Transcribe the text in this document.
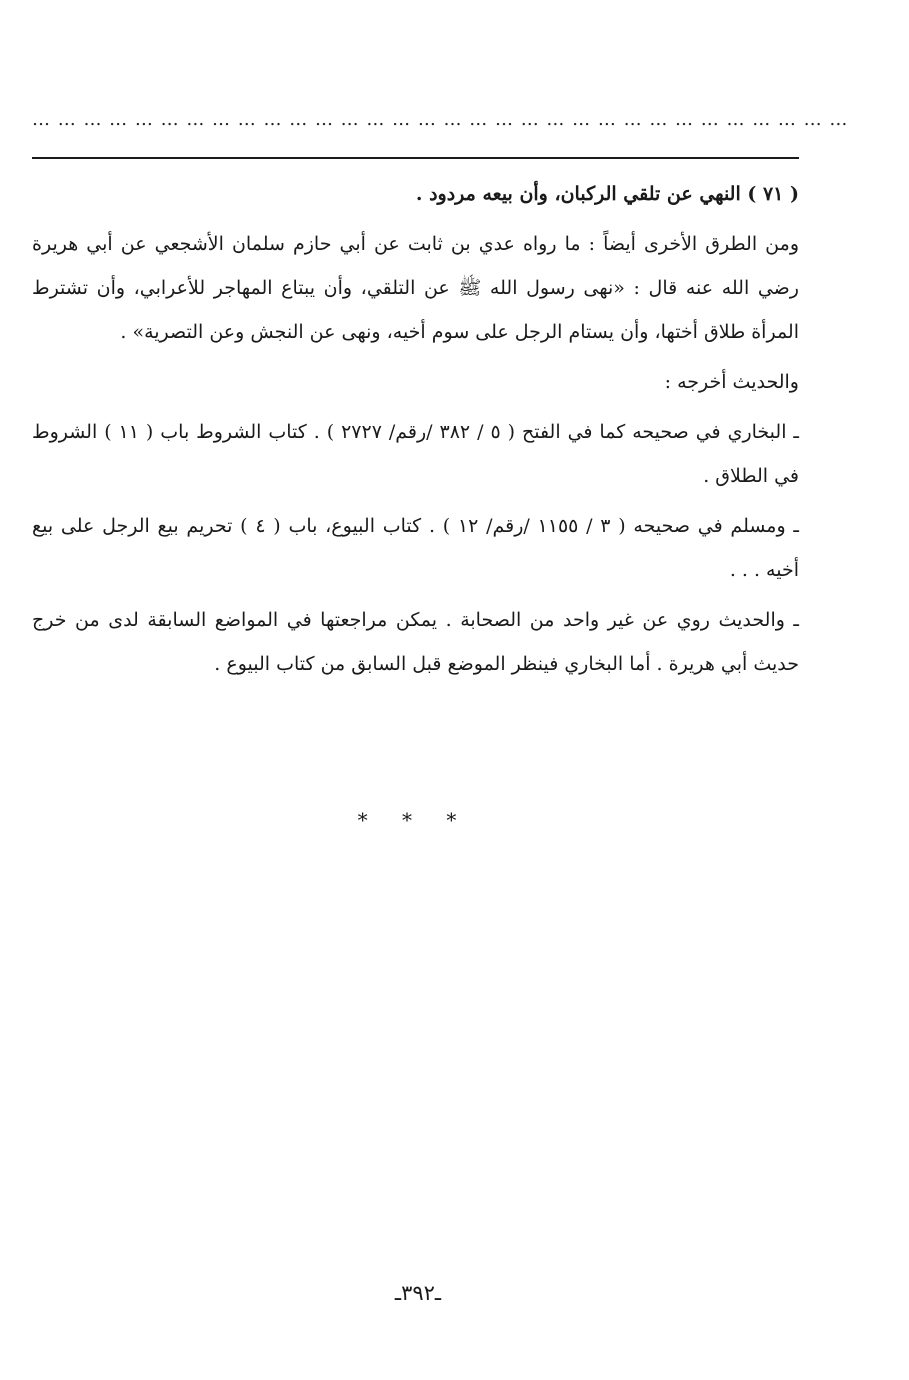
… … … … … … … … … … … … … … … … … … … … … … … … … … … … … … … …

( ٧١ ) النهي عن تلقي الركبان، وأن بيعه مردود .

ومن الطرق الأخرى أيضاً : ما رواه عدي بن ثابت عن أبي حازم سلمان الأشجعي عن أبي هريرة رضي الله عنه قال : «نهى رسول الله ﷺ عن التلقي، وأن يبتاع المهاجر للأعرابي، وأن تشترط المرأة طلاق أختها، وأن يستام الرجل على سوم أخيه، ونهى عن النجش وعن التصرية» .

والحديث أخرجه :

ـ البخاري في صحيحه كما في الفتح ( ٥ / ٣٨٢ /رقم/ ٢٧٢٧ ) . كتاب الشروط باب ( ١١ ) الشروط في الطلاق .

ـ ومسلم في صحيحه ( ٣ / ١١٥٥ /رقم/ ١٢ ) . كتاب البيوع، باب ( ٤ ) تحريم بيع الرجل على بيع أخيه . . .

ـ والحديث روي عن غير واحد من الصحابة . يمكن مراجعتها في المواضع السابقة لدى من خرج حديث أبي هريرة . أما البخاري فينظر الموضع قبل السابق من كتاب البيوع .

* * *
ـ٣٩٢ـ
